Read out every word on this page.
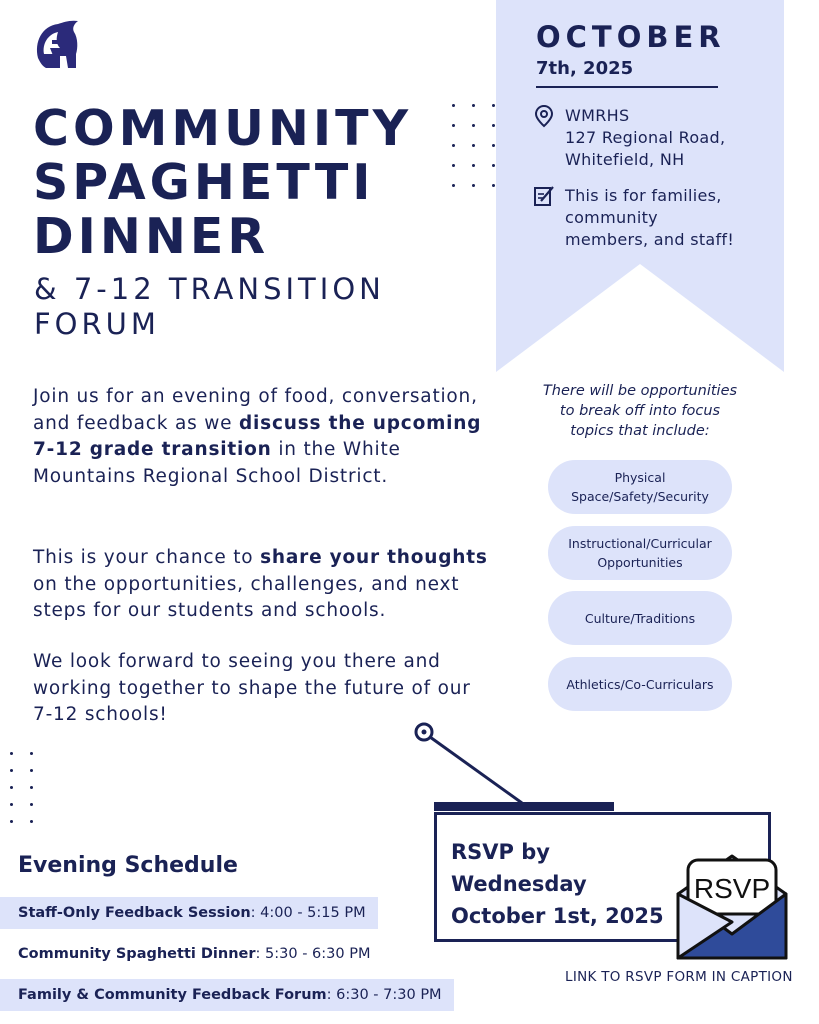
COMMUNITY
SPAGHETTI
DINNER
& 7-12 TRANSITION
FORUM
OCTOBER
7th, 2025
WMRHS
127 Regional Road,
Whitefield, NH
This is for families,
community
members, and staff!
Join us for an evening of food, conversation, and feedback as we discuss the upcoming 7-12 grade transition in the White Mountains Regional School District.
This is your chance to share your thoughts on the opportunities, challenges, and next steps for our students and schools.
We look forward to seeing you there and working together to shape the future of our 7-12 schools!
There will be opportunities
to break off into focus
topics that include:
Physical
Space/Safety/Security
Instructional/Curricular
Opportunities
Culture/Traditions
Athletics/Co-Curriculars
RSVP by
Wednesday
October 1st, 2025
RSVP
LINK TO RSVP FORM IN CAPTION
Evening Schedule
Staff-Only Feedback Session : 4:00 - 5:15 PM
Community Spaghetti Dinner : 5:30 - 6:30 PM
Family & Community Feedback Forum : 6:30 - 7:30 PM
